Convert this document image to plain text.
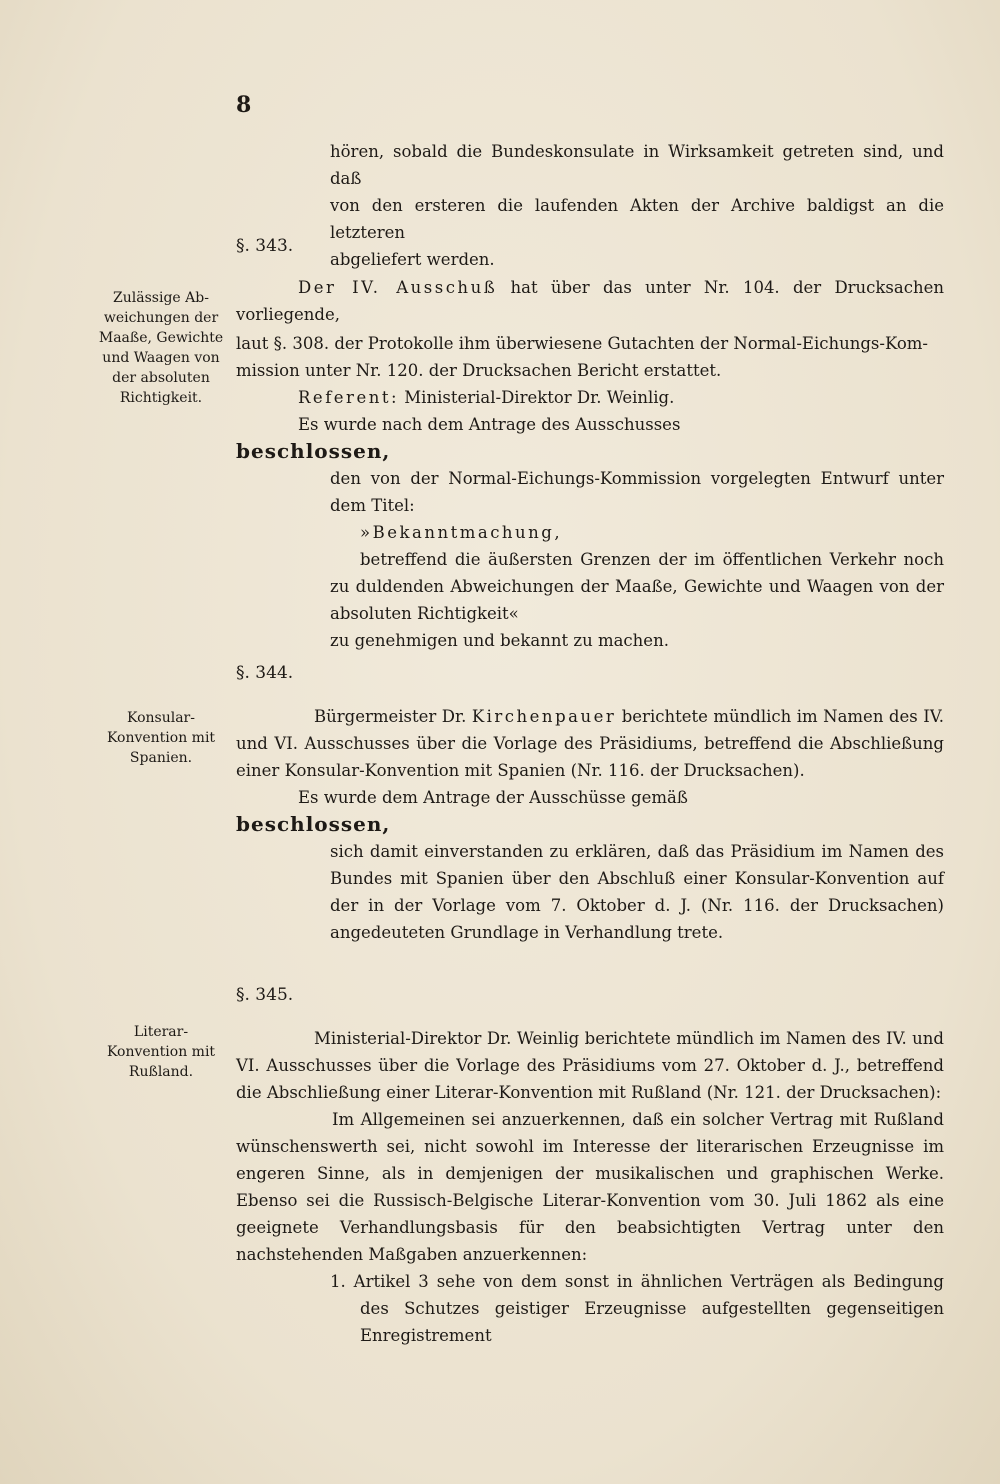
8
hören, sobald die Bundeskonsulate in Wirksamkeit getreten sind, und daß
von den ersteren die laufenden Akten der Archive baldigst an die letzteren
abgeliefert werden.

§. 343.

Der IV. Ausschuß hat über das unter Nr. 104. der Drucksachen vorliegende,

laut §. 308. der Protokolle ihm überwiesene Gutachten der Normal-Eichungs-Kom-

mission unter Nr. 120. der Drucksachen Bericht erstattet.

Referent: Ministerial-Direktor Dr. Weinlig.

Es wurde nach dem Antrage des Ausschusses

beschlossen,

den von der Normal-Eichungs-Kommission vorgelegten Entwurf unter dem Titel:

»Bekanntmachung,

betreffend die äußersten Grenzen der im öffentlichen Verkehr noch zu duldenden Abweichungen der Maaße, Gewichte und Waagen von der absoluten Richtigkeit«

zu genehmigen und bekannt zu machen.

Zulässige Ab-
weichungen der
Maaße, Gewichte
und Waagen von
der absoluten
Richtigkeit.

§. 344.

Bürgermeister Dr. Kirchenpauer berichtete mündlich im Namen des IV. und VI. Ausschusses über die Vorlage des Präsidiums, betreffend die Abschließung einer Konsular-Konvention mit Spanien (Nr. 116. der Drucksachen).

Es wurde dem Antrage der Ausschüsse gemäß

beschlossen,

sich damit einverstanden zu erklären, daß das Präsidium im Namen des Bundes mit Spanien über den Abschluß einer Konsular-Konvention auf der in der Vorlage vom 7. Oktober d. J. (Nr. 116. der Drucksachen) angedeuteten Grundlage in Verhandlung trete.

Konsular-
Konvention mit
Spanien.

§. 345.

Ministerial-Direktor Dr. Weinlig berichtete mündlich im Namen des IV. und VI. Ausschusses über die Vorlage des Präsidiums vom 27. Oktober d. J., betreffend die Abschließung einer Literar-Konvention mit Rußland (Nr. 121. der Drucksachen):

Im Allgemeinen sei anzuerkennen, daß ein solcher Vertrag mit Rußland wünschenswerth sei, nicht sowohl im Interesse der literarischen Erzeugnisse im engeren Sinne, als in demjenigen der musikalischen und graphischen Werke. Ebenso sei die Russisch-Belgische Literar-Konvention vom 30. Juli 1862 als eine geeignete Verhandlungsbasis für den beabsichtigten Vertrag unter den nachstehenden Maßgaben anzuerkennen:

1. Artikel 3 sehe von dem sonst in ähnlichen Verträgen als Bedingung des Schutzes geistiger Erzeugnisse aufgestellten gegenseitigen Enregistrement

Literar-
Konvention mit
Rußland.
